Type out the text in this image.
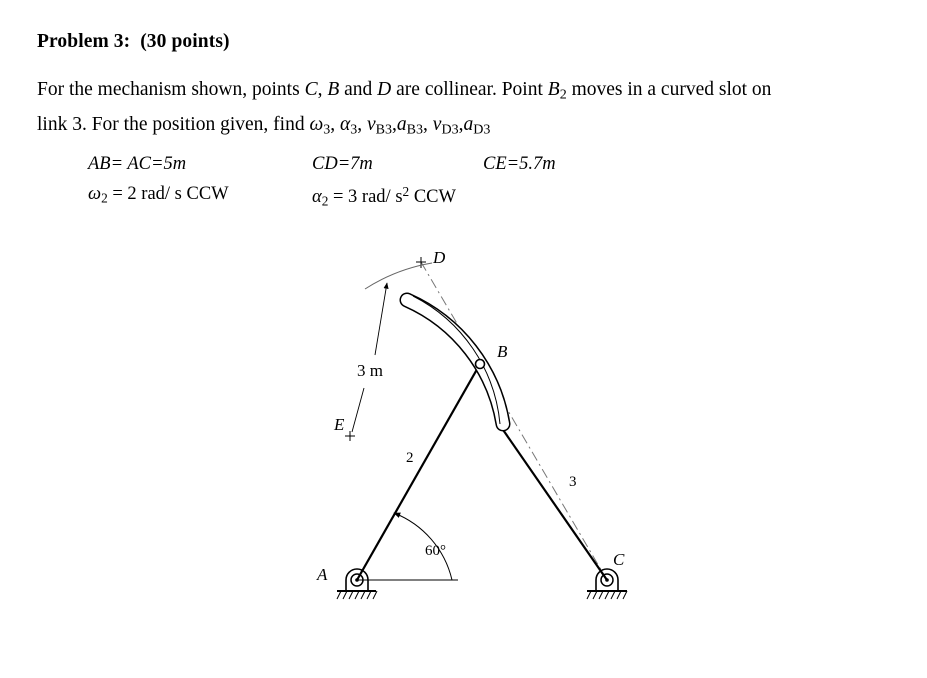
Problem 3: (30 points)
For the mechanism shown, points C, B and D are collinear. Point $B_2$ moves in a curved slot on
link 3. For the position given, find $\omega_3$, $\alpha_3$, $v_{B3},a_{B3}$, $v_{D3},a_{D3}$
AB= AC=5m	CD=7m	CE=5.7m
$\omega_2 = 2$ rad/ s CCW	$\alpha_2 = 3$ rad/ $s^2$ CCW
D
B
C
A
E
2
3
3 m
60°
